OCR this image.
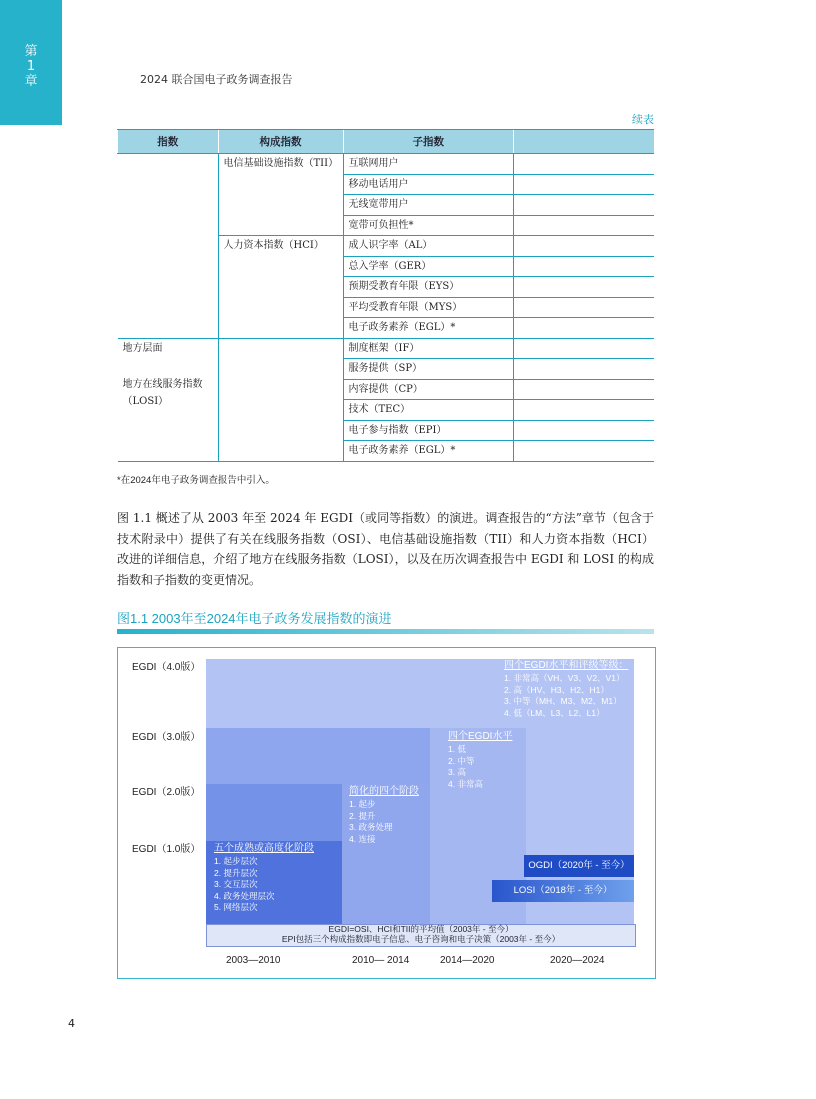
第
1
章	2024 联合国电子政务调查报告
续表
指数	构成指数	子指数	
	电信基础设施指数（TII）	互联网用户	
		移动电话用户	
		无线宽带用户	
		宽带可负担性*	
	人力资本指数（HCI）	成人识字率（AL）	
		总入学率（GER）	
		预期受教育年限（EYS）	
		平均受教育年限（MYS）	
		电子政务素养（EGL）*	

地方层面
地方在线服务指数（LOSI）		制度框架（IF）	
		服务提供（SP）	
		内容提供（CP）	
		技术（TEC）	
		电子参与指数（EPI）	
		电子政务素养（EGL）*	
*在2024年电子政务调查报告中引入。
图 1.1 概述了从 2003 年至 2024 年 EGDI（或同等指数）的演进。调查报告的“方法”章节（包含于技术附录中）提供了有关在线服务指数（OSI）、电信基础设施指数（TII）和人力资本指数（HCI）改进的详细信息，介绍了地方在线服务指数（LOSI），以及在历次调查报告中 EGDI 和 LOSI 的构成指数和子指数的变更情况。
图1.1 2003年至2024年电子政务发展指数的演进
EGDI（4.0版）
EGDI（3.0版）
EGDI（2.0版）
EGDI（1.0版） 五个成熟或高度化阶段
1. 起步层次
2. 提升层次
3. 交互层次
4. 政务处理层次
5. 网络层次
简化的四个阶段
1. 起步
2. 提升
3. 政务处理
4. 连接
四个EGDI水平
1. 低
2. 中等
3. 高
4. 非常高
四个EGDI水平和评级等级：
1. 非常高（VH、V3、V2、V1）
2. 高（HV、H3、H2、H1）
3. 中等（MH、M3、M2、M1）
4. 低（LM、L3、L2、L1）
OGDI（2020年 - 至今）
LOSI（2018年 - 至今）
EGDI=OSI、HCI和TII的平均值（2003年 - 至今）
EPI包括三个构成指数即电子信息、电子咨询和电子决策（2003年 - 至今）
2003—2010	2010— 2014	2014—2020	2020—2024
4
